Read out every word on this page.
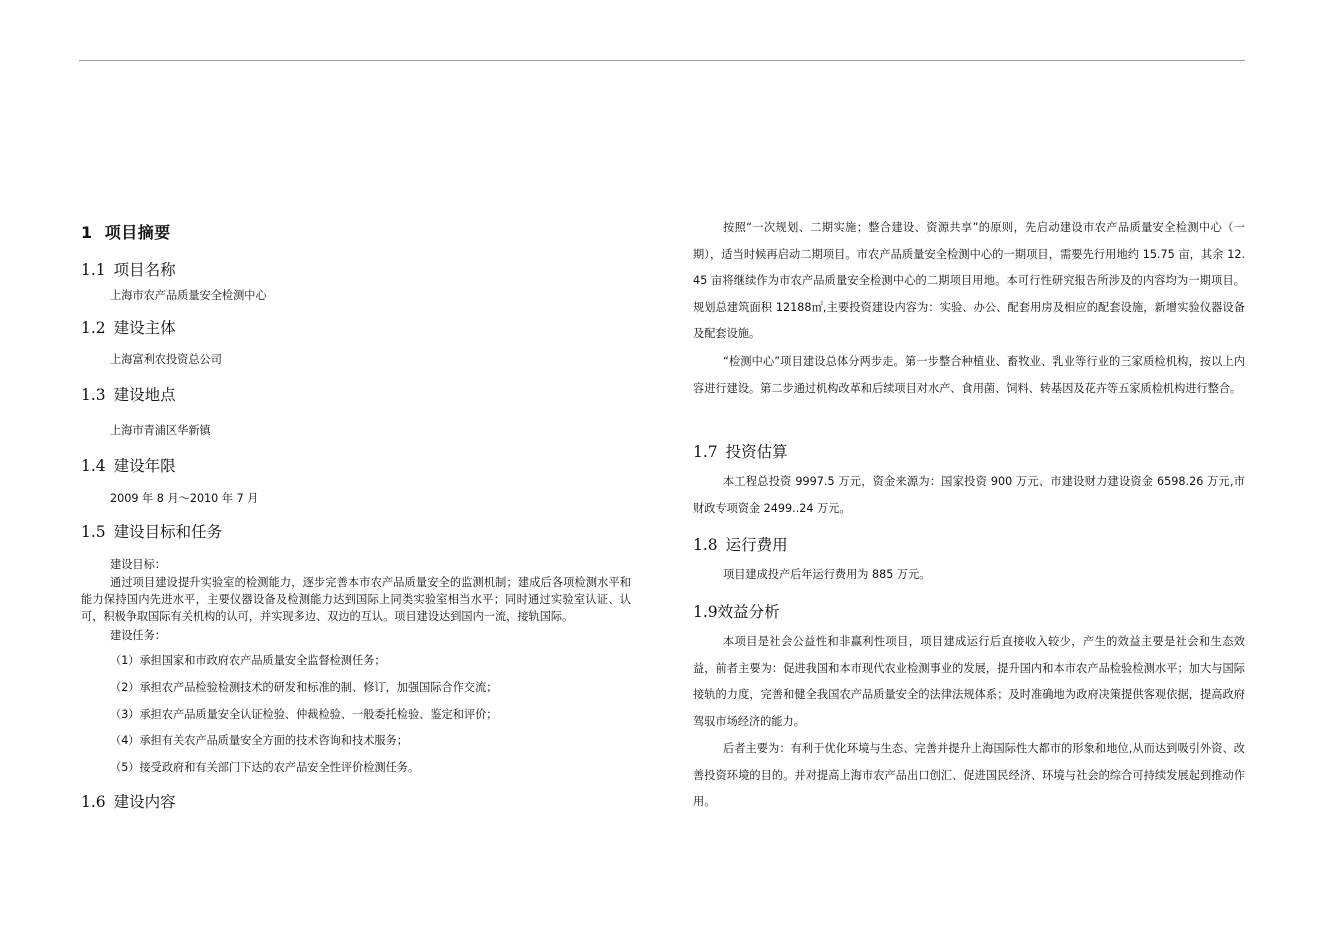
1 项目摘要
1.1 项目名称
上海市农产品质量安全检测中心
1.2 建设主体
上海富利农投资总公司
1.3 建设地点
上海市青浦区华新镇
1.4 建设年限
2009 年 8 月～2010 年 7 月
1.5 建设目标和任务
建设目标：
通过项目建设提升实验室的检测能力，逐步完善本市农产品质量安全的监测机制；建成后各项检测水平和能力保持国内先进水平，主要仪器设备及检测能力达到国际上同类实验室相当水平；同时通过实验室认证、认可，积极争取国际有关机构的认可，并实现多边、双边的互认。项目建设达到国内一流，接轨国际。
建设任务：
（1）承担国家和市政府农产品质量安全监督检测任务；
（2）承担农产品检验检测技术的研发和标准的制、修订，加强国际合作交流；
（3）承担农产品质量安全认证检验、仲裁检验、一般委托检验、鉴定和评价；
（4）承担有关农产品质量安全方面的技术咨询和技术服务；
（5）接受政府和有关部门下达的农产品安全性评价检测任务。
1.6 建设内容
按照“一次规划、二期实施；整合建设、资源共享”的原则，先启动建设市农产品质量安全检测中心（一期），适当时候再启动二期项目。市农产品质量安全检测中心的一期项目，需要先行用地约 15.75 亩，其余 12.45 亩将继续作为市农产品质量安全检测中心的二期项目用地。本可行性研究报告所涉及的内容均为一期项目。规划总建筑面积 12188㎡,主要投资建设内容为：实验、办公、配套用房及相应的配套设施，新增实验仪器设备及配套设施。
“检测中心”项目建设总体分两步走。第一步整合种植业、畜牧业、乳业等行业的三家质检机构，按以上内容进行建设。第二步通过机构改革和后续项目对水产、食用菌、饲料、转基因及花卉等五家质检机构进行整合。
1.7 投资估算
本工程总投资 9997.5 万元，资金来源为：国家投资 900 万元、市建设财力建设资金 6598.26 万元,市财政专项资金 2499..24 万元。
1.8 运行费用
项目建成投产后年运行费用为 885 万元。
1.9效益分析
本项目是社会公益性和非赢利性项目，项目建成运行后直接收入较少，产生的效益主要是社会和生态效益，前者主要为：促进我国和本市现代农业检测事业的发展，提升国内和本市农产品检验检测水平；加大与国际接轨的力度，完善和健全我国农产品质量安全的法律法规体系；及时准确地为政府决策提供客观依据，提高政府驾驭市场经济的能力。
后者主要为：有利于优化环境与生态、完善并提升上海国际性大都市的形象和地位,从而达到吸引外资、改善投资环境的目的。并对提高上海市农产品出口创汇、促进国民经济、环境与社会的综合可持续发展起到推动作用。
